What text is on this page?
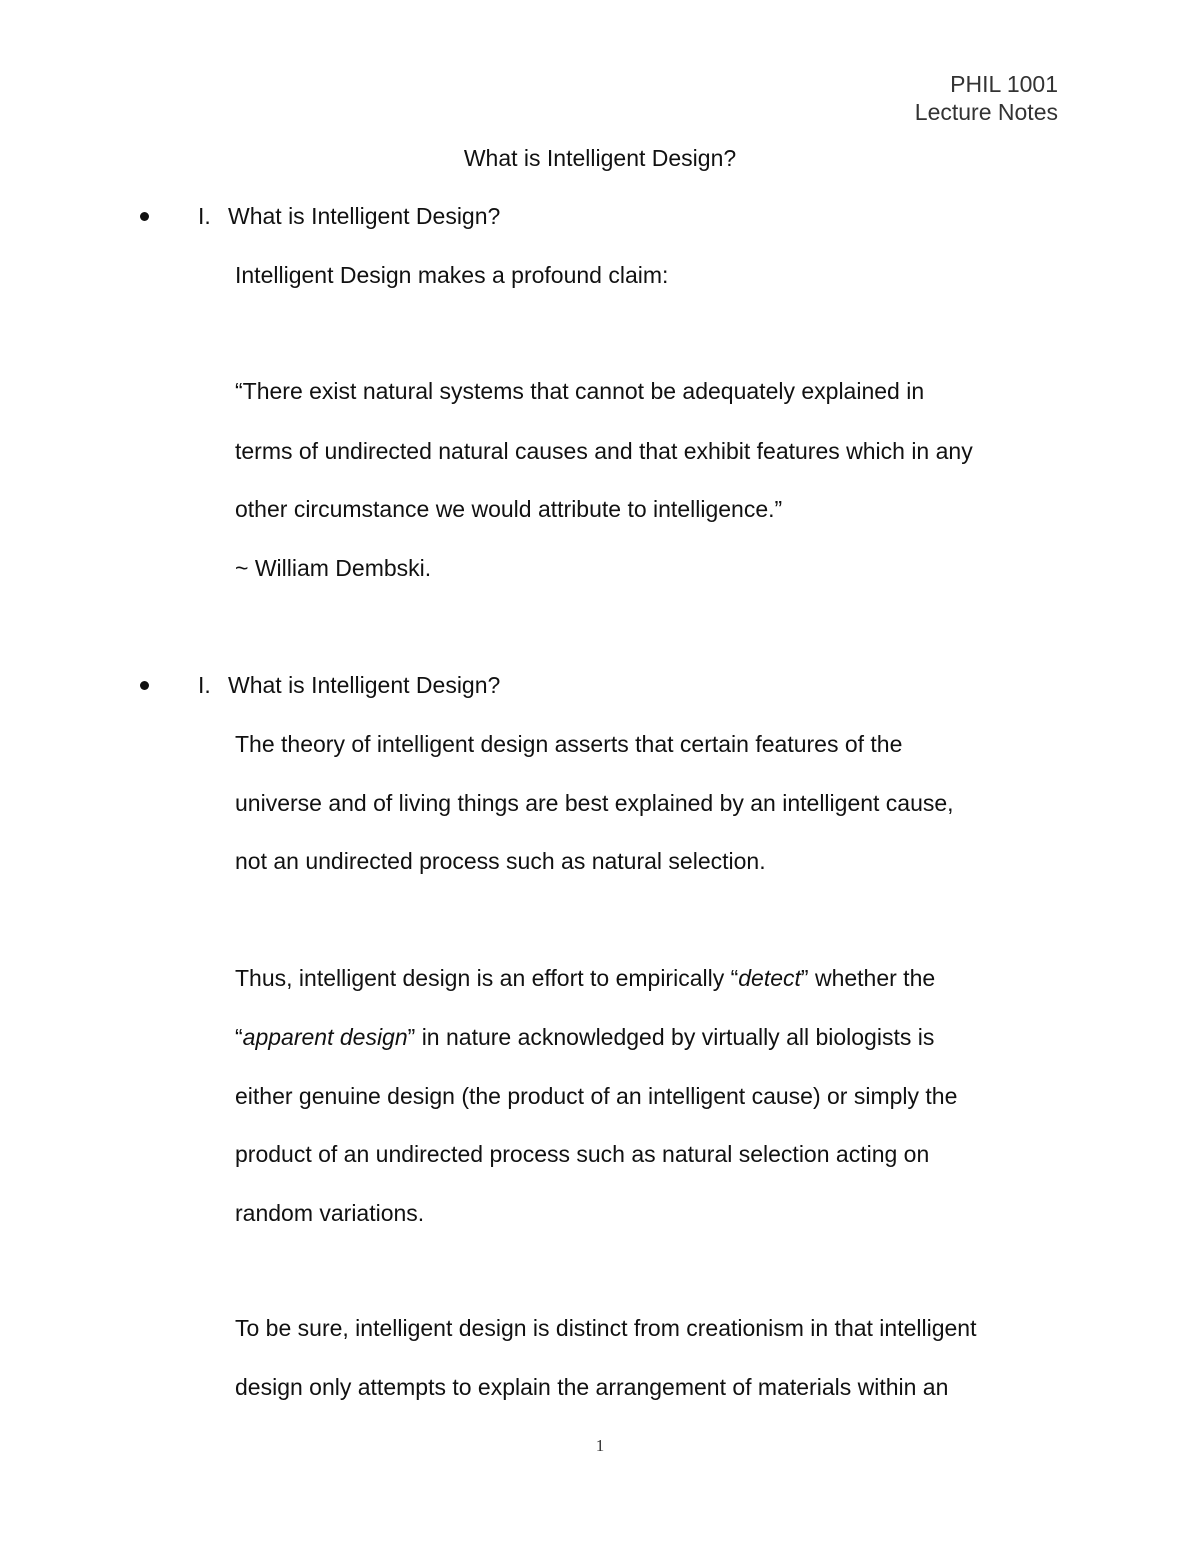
PHIL 1001
Lecture Notes
What is Intelligent Design?
I. What is Intelligent Design?
Intelligent Design makes a profound claim:
“There exist natural systems that cannot be adequately explained in
terms of undirected natural causes and that exhibit features which in any
other circumstance we would attribute to intelligence.”
~ William Dembski.
I. What is Intelligent Design?
The theory of intelligent design asserts that certain features of the
universe and of living things are best explained by an intelligent cause,
not an undirected process such as natural selection.
Thus, intelligent design is an effort to empirically “detect” whether the
“apparent design” in nature acknowledged by virtually all biologists is
either genuine design (the product of an intelligent cause) or simply the
product of an undirected process such as natural selection acting on
random variations.
To be sure, intelligent design is distinct from creationism in that intelligent
design only attempts to explain the arrangement of materials within an
1
